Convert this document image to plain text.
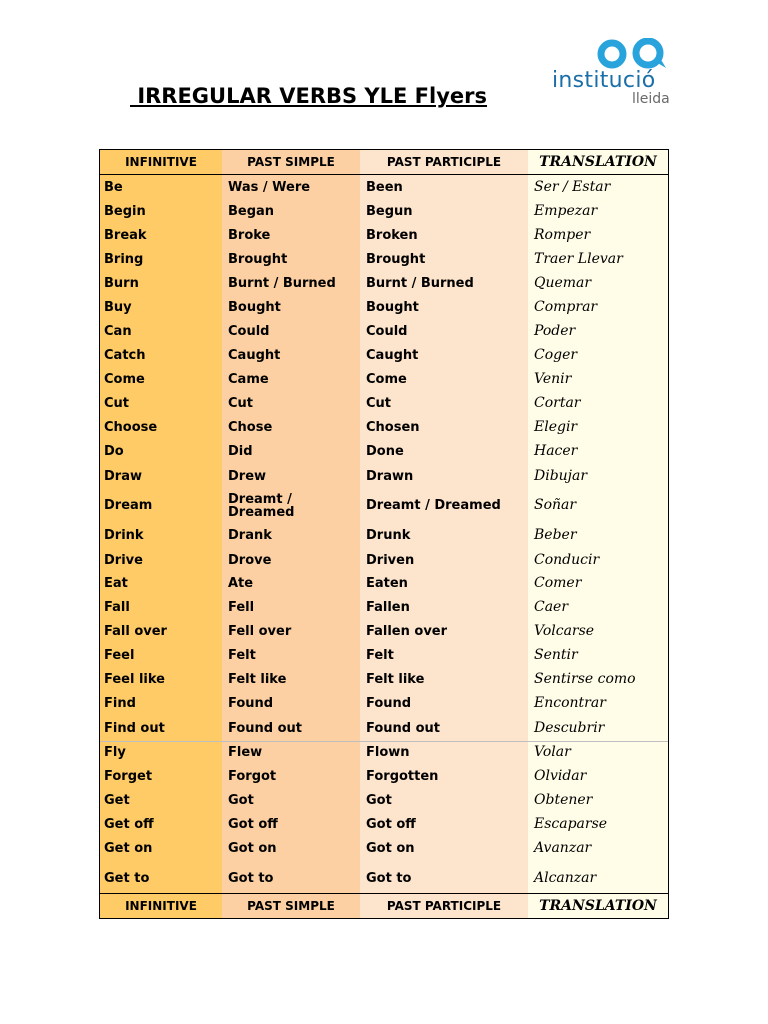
IRREGULAR VERBS YLE Flyers
institució
lleida
INFINITIVE	PAST SIMPLE	PAST PARTICIPLE	TRANSLATION
Be	Was / Were	Been	Ser / Estar
Begin	Began	Begun	Empezar
Break	Broke	Broken	Romper
Bring	Brought	Brought	Traer Llevar
Burn	Burnt / Burned	Burnt / Burned	Quemar
Buy	Bought	Bought	Comprar
Can	Could	Could	Poder
Catch	Caught	Caught	Coger
Come	Came	Come	Venir
Cut	Cut	Cut	Cortar
Choose	Chose	Chosen	Elegir
Do	Did	Done	Hacer
Draw	Drew	Drawn	Dibujar
Dream	Dreamt / Dreamed	Dreamt / Dreamed	Soñar
Drink	Drank	Drunk	Beber
Drive	Drove	Driven	Conducir
Eat	Ate	Eaten	Comer
Fall	Fell	Fallen	Caer
Fall over	Fell over	Fallen over	Volcarse
Feel	Felt	Felt	Sentir
Feel like	Felt like	Felt like	Sentirse como
Find	Found	Found	Encontrar
Find out	Found out	Found out	Descubrir
Fly	Flew	Flown	Volar
Forget	Forgot	Forgotten	Olvidar
Get	Got	Got	Obtener
Get off	Got off	Got off	Escaparse
Get on	Got on	Got on	Avanzar
Get to	Got to	Got to	Alcanzar
INFINITIVE	PAST SIMPLE	PAST PARTICIPLE	TRANSLATION
